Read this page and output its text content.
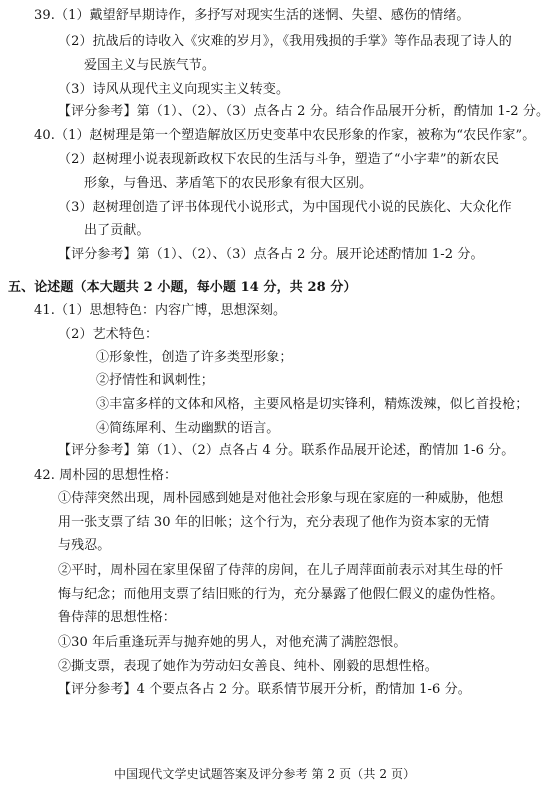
39.（1）戴望舒早期诗作，多抒写对现实生活的迷惘、失望、感伤的情绪。
（2）抗战后的诗收入《灾难的岁月》，《我用残损的手掌》等作品表现了诗人的
爱国主义与民族气节。
（3）诗风从现代主义向现实主义转变。
【评分参考】第（1）、（2）、（3）点各占 2 分。结合作品展开分析，酌情加 1-2 分。
40.（1）赵树理是第一个塑造解放区历史变革中农民形象的作家，被称为“农民作家”。
（2）赵树理小说表现新政权下农民的生活与斗争，塑造了“小字辈”的新农民
形象，与鲁迅、茅盾笔下的农民形象有很大区别。
（3）赵树理创造了评书体现代小说形式，为中国现代小说的民族化、大众化作
出了贡献。
【评分参考】第（1）、（2）、（3）点各占 2 分。展开论述酌情加 1-2 分。
五、论述题（本大题共 2 小题，每小题 14 分，共 28 分）
41.（1）思想特色：内容广博，思想深刻。
（2）艺术特色：
①形象性，创造了许多类型形象；
②抒情性和讽刺性；
③丰富多样的文体和风格，主要风格是切实锋利，精炼泼辣，似匕首投枪；
④简练犀利、生动幽默的语言。
【评分参考】第（1）、（2）点各占 4 分。联系作品展开论述，酌情加 1-6 分。
42. 周朴园的思想性格：
①侍萍突然出现，周朴园感到她是对他社会形象与现在家庭的一种威胁，他想
用一张支票了结 30 年的旧帐；这个行为，充分表现了他作为资本家的无情
与残忍。
②平时，周朴园在家里保留了侍萍的房间，在儿子周萍面前表示对其生母的忏
悔与纪念；而他用支票了结旧账的行为，充分暴露了他假仁假义的虚伪性格。
鲁侍萍的思想性格：
①30 年后重逢玩弄与抛弃她的男人，对他充满了满腔怨恨。
②撕支票，表现了她作为劳动妇女善良、纯朴、刚毅的思想性格。
【评分参考】4 个要点各占 2 分。联系情节展开分析，酌情加 1-6 分。
中国现代文学史试题答案及评分参考 第 2 页（共 2 页）
